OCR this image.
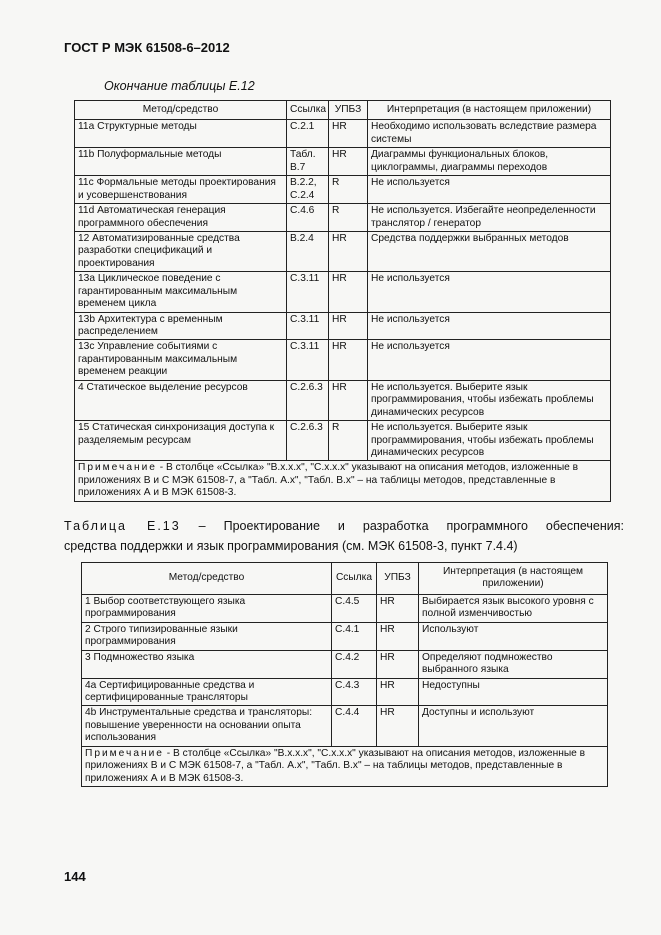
ГОСТ Р МЭК 61508-6–2012
Окончание таблицы Е.12
Метод/средство	Ссылка	УПБЗ	Интерпретация (в настоящем приложении)
11a Структурные методы	С.2.1	HR	Необходимо использовать вследствие размера системы
11b Полуформальные методы	Табл. В.7	HR	Диаграммы функциональных блоков, циклограммы, диаграммы переходов
11c Формальные методы проектирования и усовершенствования	В.2.2, С.2.4	R	Не используется
11d Автоматическая генерация программного обеспечения	С.4.6	R	Не используется. Избегайте неопределенности транслятор / генератор
12 Автоматизированные средства разработки спецификаций и проектирования	В.2.4	HR	Средства поддержки выбранных методов
13a Циклическое поведение с гарантированным максимальным временем цикла	С.3.11	HR	Не используется
13b Архитектура с временным распределением	С.3.11	HR	Не используется
13c Управление событиями с гарантированным максимальным временем реакции	С.3.11	HR	Не используется
4 Статическое выделение ресурсов	С.2.6.3	HR	Не используется. Выберите язык программирования, чтобы избежать проблемы динамических ресурсов
15 Статическая синхронизация доступа к разделяемым ресурсам	С.2.6.3	R	Не используется. Выберите язык программирования, чтобы избежать проблемы динамических ресурсов
Примечание - В столбце «Ссылка» "В.x.x.x", "С.x.x.x" указывают на описания методов, изложенные в приложениях В и С МЭК 61508-7, а "Табл. А.x", "Табл. В.x" – на таблицы методов, представленные в приложениях А и В МЭК 61508-3.			
Таблица Е.13 – Проектирование и разработка программного обеспечения:
средства поддержки и язык программирования (см. МЭК 61508-3, пункт 7.4.4)
Метод/средство	Ссылка	УПБЗ	Интерпретация (в настоящем приложении)
1 Выбор соответствующего языка программирования	С.4.5	HR	Выбирается язык высокого уровня с полной изменчивостью
2 Строго типизированные языки программирования	С.4.1	HR	Используют
3 Подмножество языка	С.4.2	HR	Определяют подмножество выбранного языка
4a Сертифицированные средства и сертифицированные трансляторы	С.4.3	HR	Недоступны
4b Инструментальные средства и трансляторы: повышение уверенности на основании опыта использования	С.4.4	HR	Доступны и используют
Примечание - В столбце «Ссылка» "В.x.x.x", "С.x.x.x" указывают на описания методов, изложенные в приложениях В и С МЭК 61508-7, а "Табл. А.x", "Табл. В.x" – на таблицы методов, представленные в приложениях А и В МЭК 61508-3.			
144
